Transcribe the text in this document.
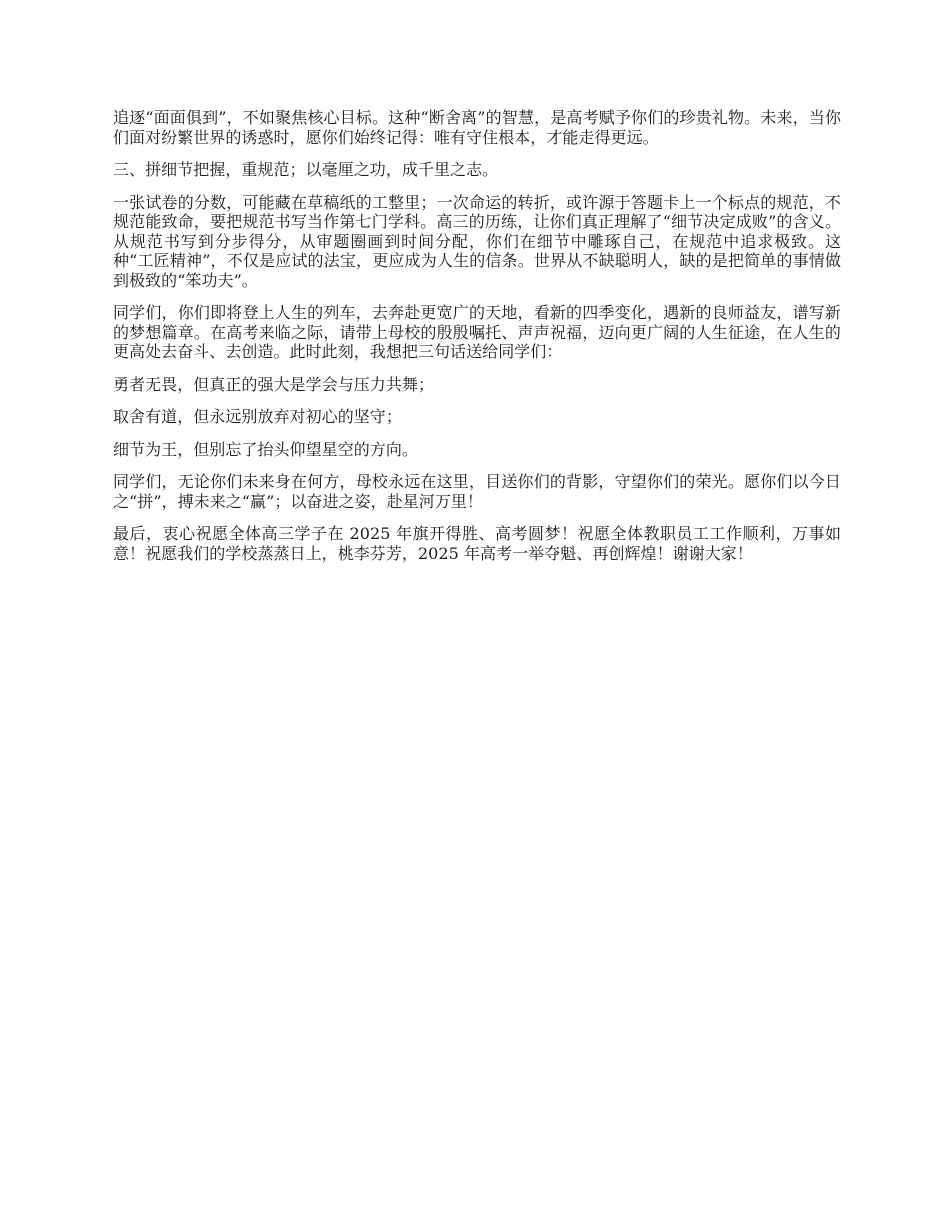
追逐“面面俱到”，不如聚焦核心目标。这种“断舍离”的智慧，是高考赋予你们的珍贵礼物。未来，当你们面对纷繁世界的诱惑时，愿你们始终记得：唯有守住根本，才能走得更远。

三、拼细节把握，重规范；以毫厘之功，成千里之志。

一张试卷的分数，可能藏在草稿纸的工整里；一次命运的转折，或许源于答题卡上一个标点的规范，不规范能致命，要把规范书写当作第七门学科。高三的历练，让你们真正理解了“细节决定成败”的含义。从规范书写到分步得分，从审题圈画到时间分配，你们在细节中雕琢自己，在规范中追求极致。这种“工匠精神”，不仅是应试的法宝，更应成为人生的信条。世界从不缺聪明人，缺的是把简单的事情做到极致的“笨功夫”。

同学们，你们即将登上人生的列车，去奔赴更宽广的天地，看新的四季变化，遇新的良师益友，谱写新的梦想篇章。在高考来临之际，请带上母校的殷殷嘱托、声声祝福，迈向更广阔的人生征途，在人生的更高处去奋斗、去创造。此时此刻，我想把三句话送给同学们：

勇者无畏，但真正的强大是学会与压力共舞；

取舍有道，但永远别放弃对初心的坚守；

细节为王，但别忘了抬头仰望星空的方向。

同学们，无论你们未来身在何方，母校永远在这里，目送你们的背影，守望你们的荣光。愿你们以今日之“拼”，搏未来之“赢”；以奋进之姿，赴星河万里！

最后，衷心祝愿全体高三学子在 2025 年旗开得胜、高考圆梦！祝愿全体教职员工工作顺利，万事如意！祝愿我们的学校蒸蒸日上，桃李芬芳，2025 年高考一举夺魁、再创辉煌！谢谢大家！
